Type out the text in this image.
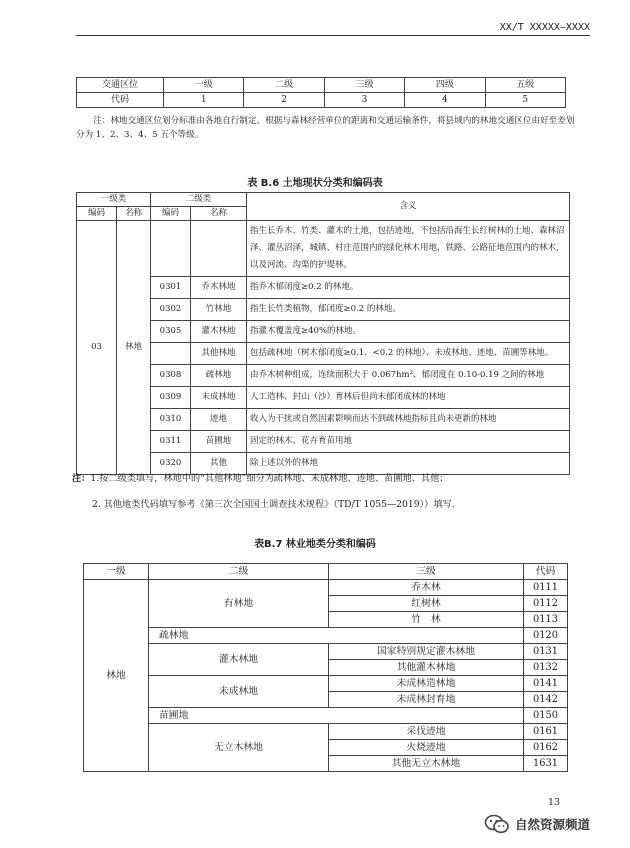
XX/T XXXXX—XXXX
交通区位	一级	二级	三级	四级	五级
代码	1	2	3	4	5
注：林地交通区位划分标准由各地自行制定。根据与森林经营单位的距离和交通运输条件，将县域内的林地交通区位由好至差划分为 1、2、3、4、5 五个等级。
表 B.6 土地现状分类和编码表
一级类		二级类		含义
编码	名称	编码	名称	
03	林地			指生长乔木、竹类、灌木的土地，包括迹地，不包括沿海生长红树林的土地、森林沼泽、灌丛沼泽，城镇、村庄范围内的绿化林木用地，铁路、公路征地范围内的林木，以及河流、沟渠的护堤林。
		0301	乔木林地	指乔木郁闭度≥0.2 的林地。
		0302	竹林地	指生长竹类植物，郁闭度≥0.2 的林地。
		0305	灌木林地	指灌木覆盖度≥40%的林地。
			其他林地	包括疏林地（树木郁闭度≥0.1、<0.2 的林地）、未成林地、迹地、苗圃等林地。
		0308	疏林地	由乔木树种组成，连续面积大于 0.067hm²、郁闭度在 0.10-0.19 之间的林地
		0309	未成林地	人工造林、封山（沙）育林后但尚未郁闭成林的林地
		0310	迹地	收入为干扰或自然因素影响而达不到疏林地指标且尚未更新的林地
		0311	苗圃地	固定的林木、花卉育苗用地
		0320	其他	除上述以外的林地
注：1.按二级类填写，林地中的“其他林地”细分为疏林地、未成林地、迹地、苗圃地、其他；
2. 其他地类代码填写参考《第三次全国国土调查技术规程》（TD/T 1055—2019））填写.
表B.7 林业地类分类和编码
一级	二级	三级	代码
林地	有林地	乔木林	0111
		红树林	0112
		竹　林	0113
	疏林地		0120
	灌木林地	国家特别规定灌木林地	0131
		其他灌木林地	0132
	未成林地	未成林造林地	0141
		未成林封育地	0142
	苗圃地		0150
	无立木林地	采伐迹地	0161
		火烧迹地	0162
		其他无立木林地	1631
13
自然资源频道
